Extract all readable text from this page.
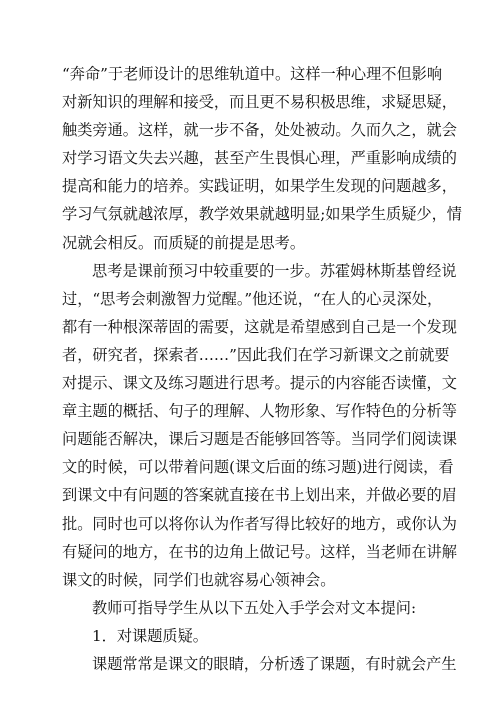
“奔命”于老师设计的思维轨道中。这样一种心理不但影响
对新知识的理解和接受，而且更不易积极思维，求疑思疑，
触类旁通。这样，就一步不备，处处被动。久而久之，就会
对学习语文失去兴趣，甚至产生畏惧心理，严重影响成绩的
提高和能力的培养。实践证明，如果学生发现的问题越多，
学习气氛就越浓厚，教学效果就越明显;如果学生质疑少，情
况就会相反。而质疑的前提是思考。
思考是课前预习中较重要的一步。苏霍姆林斯基曾经说
过，“思考会刺激智力觉醒。”他还说，“在人的心灵深处，
都有一种根深蒂固的需要，这就是希望感到自己是一个发现
者，研究者，探索者……”因此我们在学习新课文之前就要
对提示、课文及练习题进行思考。提示的内容能否读懂，文
章主题的概括、句子的理解、人物形象、写作特色的分析等
问题能否解决，课后习题是否能够回答等。当同学们阅读课
文的时候，可以带着问题(课文后面的练习题)进行阅读，看
到课文中有问题的答案就直接在书上划出来，并做必要的眉
批。同时也可以将你认为作者写得比较好的地方，或你认为
有疑问的地方，在书的边角上做记号。这样，当老师在讲解
课文的时候，同学们也就容易心领神会。
教师可指导学生从以下五处入手学会对文本提问:
1．对课题质疑。
课题常常是课文的眼睛，分析透了课题，有时就会产生
